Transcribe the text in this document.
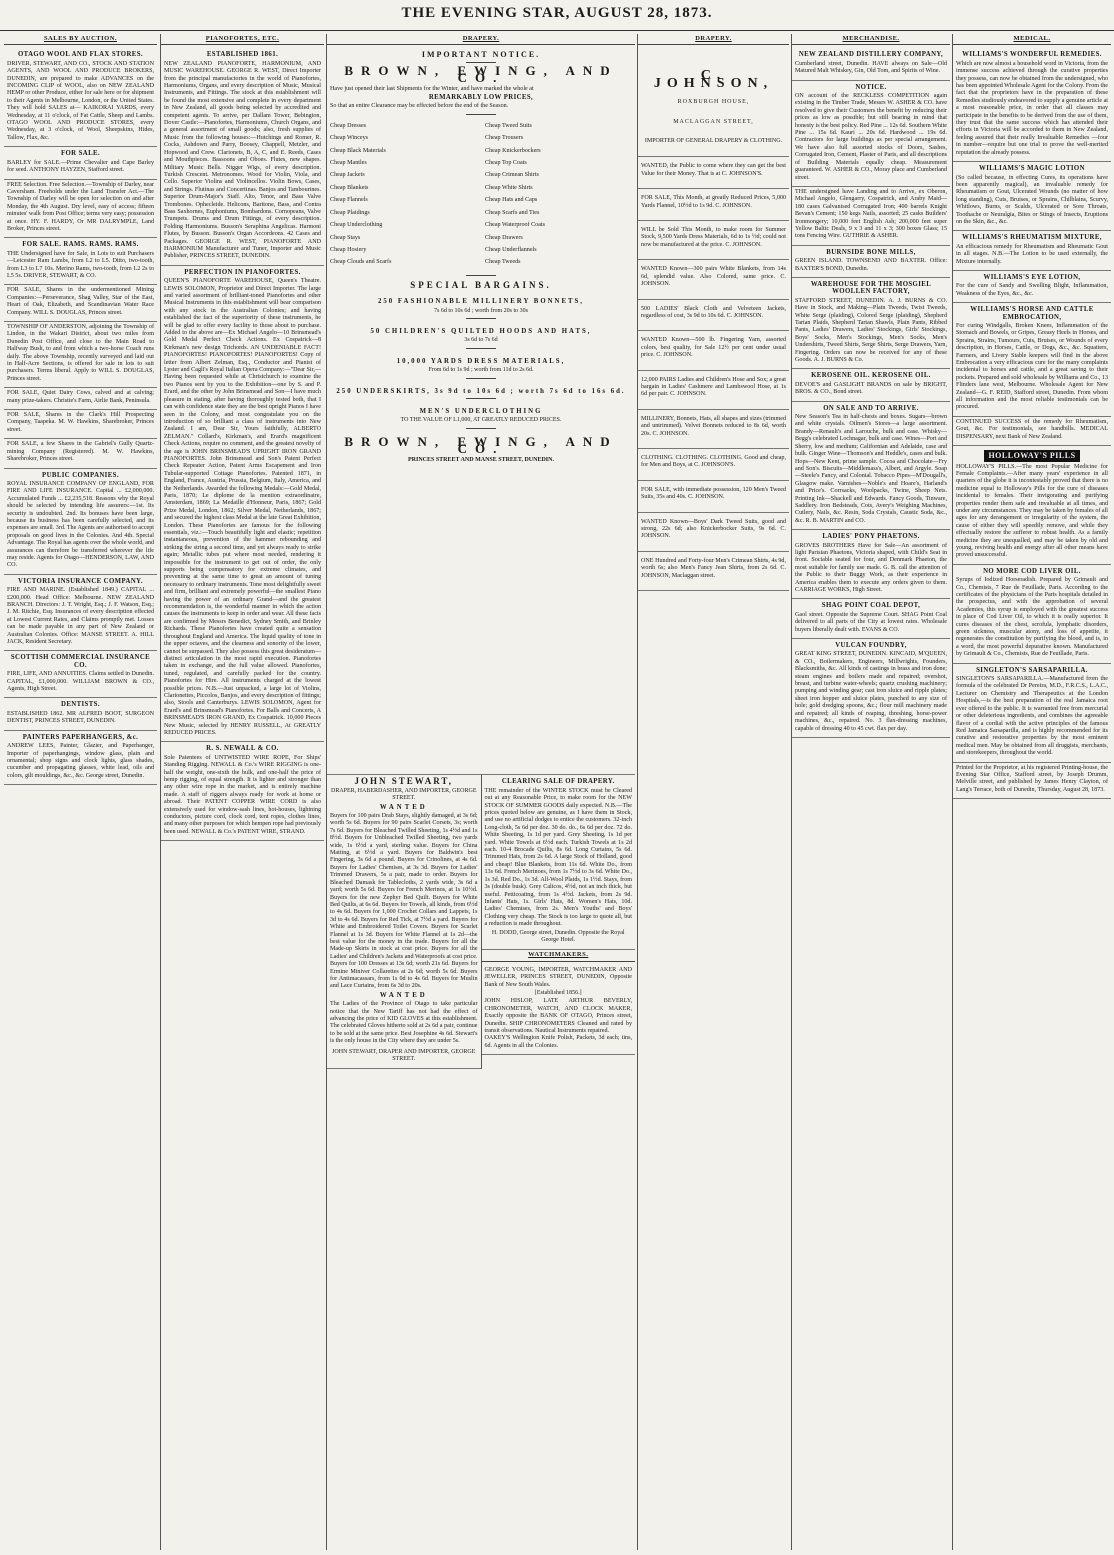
THE EVENING STAR, AUGUST 28, 1873.
SALES BY AUCTION.
OTAGO WOOL AND FLAX STORES.

DRIVER, STEWART, AND CO., STOCK AND STATION AGENTS, AND WOOL AND PRODUCE BROKERS, DUNEDIN, are prepared to make ADVANCES on the INCOMING CLIP of WOOL, also on NEW ZEALAND HEMP or other Produce, either for sale here or for shipment to their Agents in Melbourne, London, or the United States. They will hold SALES at— KAIKORAI YARDS, every Wednesday, at 11 o'clock, of Fat Cattle, Sheep and Lambs. OTAGO WOOL AND PRODUCE STORES, every Wednesday, at 3 o'clock, of Wool, Sheepskins, Hides, Tallow, Flax, &c.

FOR SALE.

BARLEY for SALE.—Prime Chevalier and Cape Barley for seed. ANTHONY HAYZEN, Stafford street.

FREE Selection. Free Selection.—Township of Darley, near Caversham. Freeholds under the Land Transfer Act.—The Township of Darley will be open for selection on and after Monday, the 4th August. Dry level, easy of access; fifteen minutes' walk from Post Office; terms very easy; possession at once. HY. F. HARDY, Or MR DALRYMPLE, Land Broker, Princes street.

FOR SALE. RAMS. RAMS. RAMS.

THE Undersigned have for Sale, in Lots to suit Purchasers—Leicester Ram Lambs, from L2 to L5. Ditto, two-tooth, from L3 to L7 10s. Merino Rams, two-tooth, from L2 2s to L5 5s. DRIVER, STEWART, & CO.

FOR SALE, Shares in the undermentioned Mining Companies:—Perseverance, Shag Valley, Star of the East, Heart of Oak, Elizabeth, and Scandinavian Water Race Company. WILL S. DOUGLAS, Princes street.

TOWNSHIP OF ANDERSTON, adjoining the Township of Lindon, in the Wakari District, about two miles from Dunedin Post Office, and close to the Main Road to Halfway Bush, to and from which a two-horse Coach runs daily. The above Township, recently surveyed and laid out in Half-Acre Sections, is offered for sale in lots to suit purchasers. Terms liberal. Apply to WILL S. DOUGLAS, Princes street.

FOR SALE, Quiet Dairy Cows, calved and at calving; many prize-takers. Christie's Farm, Airlie Bank, Peninsula.

FOR SALE, Shares in the Clark's Hill Prospecting Company, Taapeka. M. W. Hawkins, Sharebroker, Princes street.

FOR SALE, a few Shares in the Gabriel's Gully Quartz-mining Company (Registered). M. W. Hawkins, Sharebroker, Princes street.

PUBLIC COMPANIES.

ROYAL INSURANCE COMPANY OF ENGLAND, FOR FIRE AND LIFE INSURANCE. Capital ... £2,000,000. Accumulated Funds ... £2,235,518. Reasons why the Royal should be selected by intending life assurers:—1st. Its security is undoubted. 2nd. Its bonuses have been large, because its business has been carefully selected, and its expenses are small. 3rd. The Agents are authorised to accept proposals on good lives in the Colonies. And 4th. Special Advantage. The Royal has agents over the whole world, and assurances can therefore be transferred wherever the life may reside. Agents for Otago—HENDERSON, LAW, AND CO.

VICTORIA INSURANCE COMPANY.

FIRE AND MARINE. (Established 1849.) CAPITAL ... £200,000. Head Office: Melbourne. NEW ZEALAND BRANCH. Directors: J. T. Wright, Esq.; J. F. Watson, Esq.; J. M. Ritchie, Esq. Insurances of every description effected at Lowest Current Rates, and Claims promptly met. Losses can be made payable in any part of New Zealand or Australian Colonies. Office: MANSE STREET. A. HILL JACK, Resident Secretary.

SCOTTISH COMMERCIAL INSURANCE CO.

FIRE, LIFE, AND ANNUITIES. Claims settled in Dunedin. CAPITAL, £1,000,000. WILLIAM BROWN & CO., Agents, High Street.

DENTISTS.

ESTABLISHED 1862. MR ALFRED BOOT, SURGEON DENTIST, PRINCES STREET, DUNEDIN.

PAINTERS PAPERHANGERS, &c.

ANDREW LEES, Painter, Glazier, and Paperhanger, Importer of paperhangings, window glass, plain and ornamental; shop signs and clock lights, glass shades, cucumber and propagating glasses, white lead, oils and colors, gilt mouldings, &c., &c. George street, Dunedin.

PIANOFORTES, ETC.
ESTABLISHED 1861.

NEW ZEALAND PIANOFORTE, HARMONIUM, AND MUSIC WAREHOUSE. GEORGE R. WEST, Direct Importer from the principal manufactories in the world of Pianofortes, Harmoniums, Organs, and every description of Music, Musical Instruments, and Fittings. The stock at this establishment will be found the most extensive and complete in every department in New Zealand, all goods being selected by accredited and competent agents. To arrive, per Dallam Tower, Bebington, Dover Castle:—Pianofortes, Harmoniums, Church Organs, and a general assortment of small goods; also, fresh supplies of Music from the following houses:—Hutchings and Romer, R. Cocks, Ashdown and Parry, Boosey, Chappell, Metzler, and Hopwood and Crew. Clarionets, B, A, C, and E. Reeds, Cases and Mouthpieces. Bassoons and Oboes. Flutes, new shapes. Military Music Bells. Nigger Wigs, of every description. Turkish Crescent. Metronomes. Wood for Violin, Viola, and Cello. Superior Violins and Violincellos. Violin Bows, Cases, and Strings. Flutinas and Concertinas. Banjos and Tambourines. Superior Drum-Major's Staff. Alto, Tenor, and Bass Valve Trombones. Ophecleide. Helicons, Baritone, Bass, and Contra Bass Saxhornes, Euphoniums, Bombardons. Cornopeans, Valve Trumpets. Drums and Drum Fittings, of every description. Folding Harmoniums. Busson's Seraphina Angelicas. Harmoni Flutes, by Busson. Busson's Organ Accordeons. 42 Cases and Packages. GEORGE R. WEST, PIANOFORTE AND HARMONIUM Manufacturer and Tuner, Importer and Music Publisher, PRINCES STREET, DUNEDIN.

PERFECTION IN PIANOFORTES.

QUEEN'S PIANOFORTE WAREHOUSE, Queen's Theatre. LEWIS SOLOMON, Proprietor and Direct Importer. The large and varied assortment of brilliant-toned Pianofortes and other Musical Instruments in this establishment will bear comparison with any stock in the Australian Colonies; and having established the fact of the superiority of these instruments, he will be glad to offer every facility to those about to purchase. Added to the above are—Ex Michael Angelo—10 Brinsmead's Gold Medal Perfect Check Actions. Ex Cospatrick—8 Kirkman's new design Trichords. AN UNDENIABLE FACT! PIANOFORTES! PIANOFORTES! PIANOFORTES! Copy of letter from Albert Zelman, Esq., Conductor and Pianist of Lyster and Cagli's Royal Italian Opera Company:—"Dear Sir,—Having been requested while at Christchurch to examine the two Pianos sent by you to the Exhibition—one by S. and P. Erard, and the other by John Brinsmead and Son—I have much pleasure in stating, after having thoroughly tested both, that I can with confidence state they are the best upright Pianos I have seen in the Colony, and most congratulate you on the introduction of so brilliant a class of instruments into New Zealand. I am, Dear Sir, Yours faithfully, ALBERTO ZELMAN." Collard's, Kirkman's, and Erard's magnificent Check Actions, require no comment, and the greatest novelty of the age is JOHN BRINSMEAD'S UPRIGHT IRON GRAND PIANOFORTES. John Brinsmead and Son's Patent Perfect Check Repeater Action, Patent Arms Escapement and Iron Tubular-supported Cottage Pianofortes. Patented 1871, in England, France, Austria, Prussia, Belgium, Italy, America, and the Netherlands. Awarded the following Medals:—Gold Medal, Paris, 1870; Le diplome de la mention extraordinaire, Amsterdam, 1869; La Medaille d'Honneur, Paris, 1867; Gold Prize Medal, London, 1862; Silver Medal, Netherlands, 1867; and secured the highest class Medal at the late Great Exhibition, London. These Pianofortes are famous for the following essentials, viz.:—Touch beautifully light and elastic; repetition instantaneous, prevention of the hammer rebounding and striking the string a second time, and yet always ready to strike again; Metallic tubes put where most needed, rendering it impossible for the instrument to get out of order, the only supports being compensatory for extreme climates, and preventing at the same time to great an amount of tuning necessary to ordinary instruments. Tone most delightfully sweet and firm, brilliant and extremely powerful—the smallest Piano having the power of an ordinary Grand—and the greatest recommendation is, the wonderful manner in which the action causes the instruments to keep in order and wear. All these facts are confirmed by Messrs Benedict, Sydney Smith, and Brinley Richards. These Pianofortes have created quite a sensation throughout England and America. The liquid quality of tone in the upper octaves, and the clearness and sonority of the lower, cannot be surpassed. They also possess this great desideratum—distinct articulation in the most rapid execution. Pianofortes taken in exchange, and the full value allowed. Pianofortes, tuned, regulated, and carefully packed for the country. Pianofortes for Hire. All instruments charged at the lowest possible prices. N.B.—Just unpacked, a large lot of Violins, Clarionettes, Piccolos, Banjos, and every description of fittings; also, Stools and Canterburys. LEWIS SOLOMON, Agent for Erard's and Brinsmead's Pianofortes. For Balls and Concerts, A BRINSMEAD'S IRON GRAND, Ex Cospatrick. 10,000 Pieces New Music, selected by HENRY RUSSELL, At GREATLY REDUCED PRICES.

R. S. NEWALL & CO.

Sole Patentees of UNTWISTED WIRE ROPE, For Ships' Standing Rigging. NEWALL & Co.'s WIRE RIGGING is one-half the weight, one-sixth the bulk, and one-half the price of hemp rigging, of equal strength. It is lighter and stronger than any other wire rope in the market, and is entirely machine made. A staff of riggers always ready for work at home or abroad. Their PATENT COPPER WIRE CORD is also extensively used for window-sash lines, hot-houses, lightning conductors, picture cord, clock cord, tent ropes, clothes lines, and many other purposes for which hempen rope had previously been used. NEWALL & Co.'s PATENT WIRE, STRAND.

DRAPERY.
IMPORTANT NOTICE.
BROWN, EWING, AND CO.

Have just opened their last Shipments for the Winter, and have marked the whole at

REMARKABLY LOW PRICES,

So that an entire Clearance may be effected before the end of the Season.

Cheap Dresses
Cheap Winceys
Cheap Black Materials
Cheap Mantles
Cheap Jackets
Cheap Blankets
Cheap Flannels
Cheap Plaidings
Cheap Underclothing
Cheap Stays
Cheap Hosiery
Cheap Clouds and Scarfs
Cheap Tweed Suits
Cheap Trousers
Cheap Knickerbockers
Cheap Top Coats
Cheap Crimean Shirts
Cheap White Shirts
Cheap Hats and Caps
Cheap Scarfs and Ties
Cheap Waterproof Coats
Cheap Drawers
Cheap Underflannels
Cheap Tweeds
SPECIAL BARGAINS.
250 FASHIONABLE MILLINERY BONNETS,
7s 6d to 10s 6d ; worth from 20s to 30s
50 CHILDREN'S QUILTED HOODS AND HATS,
3s 6d to 7s 6d
10,000 YARDS DRESS MATERIALS,
From 6d to 1s 9d ; worth from 11d to 2s 6d.
250 UNDERSKIRTS, 3s 9d to 10s 6d ; worth 7s 6d to 16s 6d.
MEN'S UNDERCLOTHING
TO THE VALUE OF L1,000, AT GREATLY REDUCED PRICES.
BROWN, EWING, AND CO.
PRINCES STREET AND MANSE STREET, DUNEDIN.
JOHN STEWART,
DRAPER, HABERDASHER, AND IMPORTER, GEORGE STREET.
WANTED

Buyers for 100 pairs Drab Stays, slightly damaged, at 3s 6d; worth 5s 6d. Buyers for 90 pairs Scarlet Corsets, 3s; worth 7s 6d. Buyers for Bleached Twilled Sheeting, 1s 4½d and 1s 8½d. Buyers for Unbleached Twilled Sheeting, two yards wide, 1s 6½d a yard, sterling value. Buyers for China Matting, at 6½d a yard. Buyers for Baldwin's best Fingering, 3s 6d a pound. Buyers for Crinolines, at 4s 6d. Buyers for Ladies' Chemises, at 3s 3d. Buyers for Ladies' Trimmed Drawers, 5s a pair, made to order. Buyers for Bleached Damask for Tablecloths, 2 yards wide, 3s 6d a yard; worth 5s 6d. Buyers for French Merinos, at 1s 10½d. Buyers for the new Zephyr Bed Quilt. Buyers for White Bed Quilts, at 6s 6d. Buyers for Towels, all kinds, from 6½d to 4s 6d. Buyers for 1,000 Crochet Collars and Lappets, 1s 3d to 4s 6d. Buyers for Red Tick, at 7½d a yard. Buyers for White and Embroidered Toilet Covers. Buyers for Scarlet Flannel at 1s 3d. Buyers for White Flannel at 1s 2d—the best value for the money in the trade. Buyers for all the Made-up Skirts in stock at cost price. Buyers for all the Ladies' and Children's Jackets and Waterproofs at cost price. Buyers for 100 Dresses at 13s 6d; worth 21s 6d. Buyers for Ermine Miniver Collarettes at 2s 6d; worth 5s 6d. Buyers for Antimacassars, from 1s 0d to 4s 6d. Buyers for Muslin and Lace Curtains, from 6s 3d to 20s.

WANTED

The Ladies of the Province of Otago to take particular notice that the New Tariff has not had the effect of advancing the price of KID GLOVES at this establishment. The celebrated Gloves hitherto sold at 2s 6d a pair, continue to be sold at the same price. Best Josephine 4s 6d. Stewart's is the only house in the City where they are under 5s.

JOHN STEWART, DRAPER AND IMPORTER, GEORGE STREET.
CLEARING SALE OF DRAPERY.

THE remainder of the WINTER STOCK must be Cleared out at any Reasonable Price, to make room for the NEW STOCK OF SUMMER GOODS daily expected. N.B.—The prices quoted below are genuine, as I have them in Stock, and use no artificial dodges to entice the customers. 32-inch Long-cloth, 5s 6d per doz. 30 do. do., 6s 6d per doz. 72 do. White Sheeting, 1s 1d per yard. Grey Sheeting, 1s 1d per yard. White Towels at 6½d each. Turkish Towels at 1s 2d each. 10-4 Brocade Quilts, 8s 6d. Long Curtains, 5s 6d. Trimmed Hats, from 2s 6d. A large Stock of Holland, good and cheap! Blue Blankets, from 11s 6d. White Do., from 13s 6d. French Merinoes, from 1s 7½d to 3s 6d. White Do., 1s 3d. Red Do., 1s 3d. All-Wool Plaids, 1s 1½d. Stays, from 3s (double busk). Grey Calicos, 4½d, not an inch thick, but useful. Petticoating, from 1s 4½d. Jackets, from 2s 9d. Infants' Hats, 1s. Girls' Hats, 8d. Women's Hats, 10d. Ladies' Chemises, from 2s. Men's Youths' and Boys' Clothing very cheap. The Stock is too large to quote all, but a reduction is made throughout.

H. DODD, George street, Dunedin. Opposite the Royal George Hotel.
WATCHMAKERS.

GEORGE YOUNG, IMPORTER, WATCHMAKER AND JEWELLER, PRINCES STREET, DUNEDIN, Opposite Bank of New South Wales.

[Established 1856.]

JOHN HISLOP, LATE ARTHUR BEVERLY, CHRONOMETER, WATCH, AND CLOCK MAKER, Exactly opposite the BANK OF OTAGO, Princes street, Dunedin. SHIP CHRONOMETERS Cleaned and rated by transit observations. Nautical Instruments repaired.

OAKEY'S Wellington Knife Polish, Packets, 3d each; tins, 6d. Agents in all the Colonies.

DRAPERY.
C. JOHNSON,
ROXBURGH HOUSE,
MACLAGGAN STREET,
IMPORTER OF GENERAL DRAPERY & CLOTHING.

WANTED, the Public to come where they can get the best Value for their Money. That is at C. JOHNSON'S.

FOR SALE, This Month, at greatly Reduced Prices, 5,000 Yards Flannel, 10½d to 1s 9d. C. JOHNSON.

WILL be Sold This Month, to make room for Summer Stock, 9,500 Yards Dress Materials, 6d to 1s ½d; could not now be manufactured at the price. C. JOHNSON.

WANTED Known—300 pairs White Blankets, from 14s 6d, splendid value. Also Colored, same price. C. JOHNSON.

500 LADIES' Black Cloth and Velveteen Jackets, regardless of cost, 3s 9d to 10s 6d. C. JOHNSON.

WANTED Known—500 lb. Fingering Yarn, assorted colors, best quality, for Sale 12½ per cent under usual price. C. JOHNSON.

12,000 PAIRS Ladies and Children's Hose and Sox; a great bargain in Ladies' Cashmere and Lambswool Hose, at 1s 6d per pair. C. JOHNSON.

MILLINERY, Bonnets, Hats, all shapes and sizes (trimmed and untrimmed). Velvet Bonnets reduced to 8s 6d, worth 20s. C. JOHNSON.

CLOTHING. CLOTHING. CLOTHING. Good and cheap, for Men and Boys, at C. JOHNSON'S.

FOR SALE, with immediate possession, 120 Men's Tweed Suits, 35s and 40s. C. JOHNSON.

WANTED Known—Boys' Dark Tweed Suits, good and strong, 22s 6d; also Knickerbocker Suits, 9s 6d. C. JOHNSON.

ONE Hundred and Forty-four Men's Crimean Shirts, 4s 9d, worth 6s; also Men's Fancy Jean Shirts, from 2s 6d. C. JOHNSON, Maclaggan street.

MERCHANDISE.
NEW ZEALAND DISTILLERY COMPANY,

Cumberland street, Dunedin. HAVE always on Sale—Old Matured Malt Whiskey, Gin, Old Tom, and Spirits of Wine.

NOTICE.

ON account of the RECKLESS COMPETITION again existing in the Timber Trade, Messrs W. ASHER & CO. have resolved to give their Customers the benefit by reducing their prices as low as possible; but still bearing in mind that honesty is the best policy. Red Pine ... 12s 6d. Southern White Pine ... 15s 6d. Kauri ... 20s 6d. Hardwood ... 19s 6d. Contractors for large buildings as per special arrangement. We have also full assorted stocks of Doors, Sashes, Corrugated Iron, Cement, Plaster of Paris, and all descriptions of Building Materials equally cheap. Measurement guaranteed. W. ASHER & CO., Moray place and Cumberland street.

THE undersigned have Landing and to Arrive, ex Oberon, Michael Angelo, Glengarry, Cospatrick, and Araby Maid—180 cases Galvanised Corrugated Iron; 400 barrels Knight Bevan's Cement; 150 kegs Nails, assorted; 25 casks Builders' Ironmongery; 10,000 feet English Ash; 200,000 feet super Yellow Baltic Deals, 9 x 3 and 11 x 3; 300 boxes Glass; 15 tons Fencing Wire. GUTHRIE & ASHER.

BURNSIDE BONE MILLS,

GREEN ISLAND. TOWNSEND AND BAXTER. Office: BAXTER'S BOND, Dunedin.

WAREHOUSE FOR THE MOSGIEL WOOLLEN FACTORY,

STAFFORD STREET, DUNEDIN. A. J. BURNS & CO. Have in Stock, and Making—Plain Tweeds, Twist Tweeds, White Serge (plaiding), Colored Serge (plaiding), Shepherd Tartan Plaids, Shepherd Tartan Shawls, Plain Pants, Ribbed Pants, Ladies' Drawers, Ladies' Stockings, Girls' Stockings, Boys' Socks, Men's Stockings, Men's Socks, Men's Undershirts, Tweed Shirts, Serge Shirts, Serge Drawers, Yarn, Fingering. Orders can now be received for any of these Goods. A. J. BURNS & Co.

KEROSENE OIL. KEROSENE OIL.

DEVOE'S and GASLIGHT BRANDS on sale by BRIGHT, BROS. & CO., Bond street.

ON SALE AND TO ARRIVE.

New Season's Tea in half-chests and boxes. Sugars—brown and white crystals. Oilmen's Stores—a large assortment. Brandy—Renault's and Larouche, bulk and case. Whisky—Begg's celebrated Lochnagar, bulk and case. Wines—Port and Sherry, low and medium; Californian and Adelaide, case and bulk. Ginger Wine—Thomson's and Heddle's, cases and bulk. Hops—New Kent, prime sample. Cocoa and Chocolate—Fry and Son's. Biscuits—Middlemass's, Albert, and Argyle. Soap—Steele's Fancy, and Colonial. Tobacco Pipes—M'Dougall's, Glasgow make. Varnishes—Noble's and Hoare's, Harland's and Price's. Corrsacks, Woolpacks, Twine, Sheep Nets. Printing Ink—Shackell and Edwards. Fancy Goods, Tinware, Saddlery. Iron Bedsteads, Cots, Avery's Weighing Machines, Cutlery, Nails, &c. Resin, Soda Crystals, Caustic Soda, &c., &c. R. B. MARTIN and CO.

LADIES' PONY PHAETONS.

GROVES BROTHERS Have for Sale—An assortment of light Parisian Phaetons, Victoria shaped, with Child's Seat in front. Sociable seated for four, and Denmark Phaeton, the most suitable for family use made. G. B. call the attention of the Public to their Buggy Work, as their experience in America enables them to execute any orders given to them. CARRIAGE WORKS, High Street.

SHAG POINT COAL DEPOT,

Gaol street. Opposite the Supreme Court. SHAG Point Coal delivered to all parts of the City at lowest rates. Wholesale buyers liberally dealt with. EVANS & CO.

VULCAN FOUNDRY,

GREAT KING STREET, DUNEDIN. KINCAID, M'QUEEN, & CO., Boilermakers, Engineers, Millwrights, Founders, Blacksmiths, &c. All kinds of castings in brass and iron done; steam engines and boilers made and repaired; overshot, breast, and turbine water-wheels; quartz crushing machinery; pumping and winding gear; cast iron sluice and ripple plates; sheet iron hopper and sluice plates, punched to any size of hole; gold dredging spoons, &c.; flour mill machinery made and repaired; all kinds of reaping, threshing, horse-power machines, &c., repaired. No. 3 flax-dressing machines, capable of dressing 40 to 45 cwt. flax per day.

MEDICAL.
WILLIAMS'S WONDERFUL REMEDIES.

Which are now almost a household word in Victoria, from the immense success achieved through the curative properties they possess, can now be obtained from the undersigned, who has been appointed Wholesale Agent for the Colony. From the fact that the proprietors have in the preparation of these Remedies studiously endeavored to supply a genuine article at a most reasonable price, in order that all classes may participate in the benefits to be derived from the use of them, they trust that the same success which has attended their efforts in Victoria will be accorded to them in New Zealand, feeling assured that their really Invaluable Remedies —four in number—require but one trial to prove the well-merited reputation the already possess.

WILLIAMS'S MAGIC LOTION

(So called because, in effecting Cures, its operations have been apparently magical), an invaluable remedy for Rheumatism or Gout, Ulcerated Wounds (no matter of how long standing), Cuts, Bruises, or Sprains, Chilblains, Scurvy, Whitlows, Burns, or Scalds, Ulcerated or Sore Throats, Toothache or Neuralgia, Bites or Stings of Insects, Eruptions on the Skin, &c., &c.

WILLIAMS'S RHEUMATISM MIXTURE,

An efficacious remedy for Rheumatism and Rheumatic Gout in all stages. N.B.—The Lotion to be used externally, the Mixture internally.

WILLIAMS'S EYE LOTION,

For the cure of Sandy and Swelling Blight, Inflammation, Weakness of the Eyes, &c., &c.

WILLIAMS'S HORSE AND CATTLE EMBROCATION,

For curing Windgalls, Broken Knees, Inflammation of the Stomach and Bowels, or Gripes, Greasy Heels in Horses, and Sprains, Strains, Tumours, Cuts, Bruises, or Wounds of every description, in Horses, Cattle, or Dogs, &c., &c. Squatters, Farmers, and Livery Stable keepers will find in the above Embrocation a very efficacious cure for the many complaints incidental to horses and cattle, and a great saving to their pockets. Prepared and sold wholesale by Williams and Co., 13 Flinders lane west, Melbourne. Wholesale Agent for New Zealand—G. F. REID, Stafford street, Dunedin. From whom all information and the most reliable testimonials can be procured.

CONTINUED SUCCESS of the remedy for Rheumatism, Gout, &c. For testimonials, see handbills. MEDICAL DISPENSARY, next Bank of New Zealand.

HOLLOWAY'S PILLS

HOLLOWAY'S PILLS.—The most Popular Medicine for Female Complaints.—After many years' experience in all quarters of the globe it is incontestably proved that there is no medicine equal to Holloway's Pills for the cure of diseases incidental to females. Their invigorating and purifying properties render them safe and invaluable at all times, and under any circumstances. They may be taken by females of all ages for any derangement or irregularity of the system, the cause of either they will speedily remove, and while they effectually restore the sufferer to robust health. As a family medicine they are unequalled, and may be taken by old and young, reviving health and energy after all other means have proved unsuccessful.

NO MORE COD LIVER OIL.

Syrups of Iodized Horseradish. Prepared by Grimault and Co., Chemists, 7 Rue de Feuillade, Paris. According to the certificates of the physicians of the Paris hospitals detailed in the prospectus, and with the approbation of several Academies, this syrup is employed with the greatest success in place of Cod Liver Oil, to which it is really superior. It cures diseases of the chest, scrofula, lymphatic disorders, green sickness, muscular atony, and loss of appetite, it regenerates the constitution by purifying the blood, and is, in a word, the most powerful depurative known. Manufactured by Grimault & Co., Chemists, Rue de Feuillade, Paris.

SINGLETON'S SARSAPARILLA.

SINGLETON'S SARSAPARILLA.—Manufactured from the formula of the celebrated Dr Pereira, M.D., F.R.C.S., L.A.C., Lecturer on Chemistry and Therapeutics at the London Hospitals,—is the best preparation of the real Jamaica root ever offered to the public. It is warranted free from mercurial or other deleterious ingredients, and combines the agreeable flavor of a cordial with the active principles of the famous Red Jamaica Sarsaparilla, and is highly recommended for its curative and restorative properties by the most eminent medical men. May be obtained from all druggists, merchants, and storekeepers, throughout the world.

Printed for the Proprietor, at his registered Printing-house, the Evening Star Office, Stafford street, by Joseph Drumm, Melville street, and published by James Henry Clayton, of Lang's Terrace, both of Dunedin, Thursday, August 28, 1873.
